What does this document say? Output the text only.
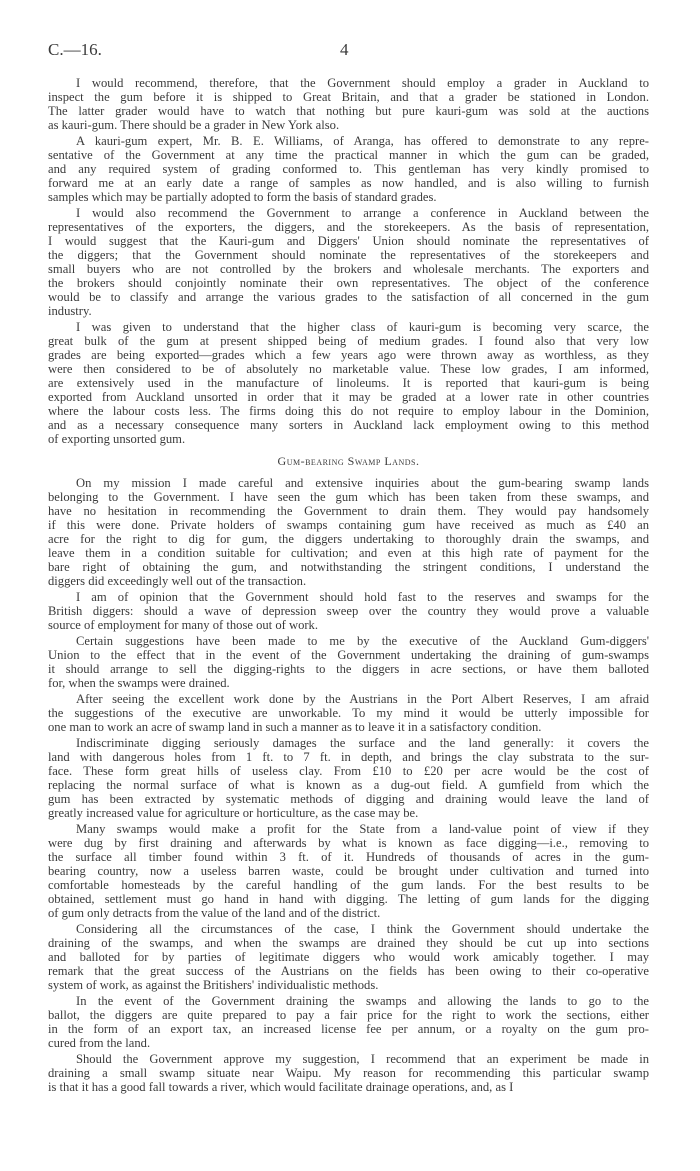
C.—16.	4
I would recommend, therefore, that the Government should employ a grader in Auckland to
inspect the gum before it is shipped to Great Britain, and that a grader be stationed in London.
The latter grader would have to watch that nothing but pure kauri-gum was sold at the auctions
as kauri-gum. There should be a grader in New York also.
A kauri-gum expert, Mr. B. E. Williams, of Aranga, has offered to demonstrate to any repre-
sentative of the Government at any time the practical manner in which the gum can be graded,
and any required system of grading conformed to. This gentleman has very kindly promised to
forward me at an early date a range of samples as now handled, and is also willing to furnish
samples which may be partially adopted to form the basis of standard grades.
I would also recommend the Government to arrange a conference in Auckland between the
representatives of the exporters, the diggers, and the storekeepers. As the basis of representation,
I would suggest that the Kauri-gum and Diggers' Union should nominate the representatives of
the diggers; that the Government should nominate the representatives of the storekeepers and
small buyers who are not controlled by the brokers and wholesale merchants. The exporters and
the brokers should conjointly nominate their own representatives. The object of the conference
would be to classify and arrange the various grades to the satisfaction of all concerned in the gum
industry.
I was given to understand that the higher class of kauri-gum is becoming very scarce, the
great bulk of the gum at present shipped being of medium grades. I found also that very low
grades are being exported—grades which a few years ago were thrown away as worthless, as they
were then considered to be of absolutely no marketable value. These low grades, I am informed,
are extensively used in the manufacture of linoleums. It is reported that kauri-gum is being
exported from Auckland unsorted in order that it may be graded at a lower rate in other countries
where the labour costs less. The firms doing this do not require to employ labour in the Dominion,
and as a necessary consequence many sorters in Auckland lack employment owing to this method
of exporting unsorted gum.
Gum-bearing Swamp Lands.
On my mission I made careful and extensive inquiries about the gum-bearing swamp lands
belonging to the Government. I have seen the gum which has been taken from these swamps, and
have no hesitation in recommending the Government to drain them. They would pay handsomely
if this were done. Private holders of swamps containing gum have received as much as £40 an
acre for the right to dig for gum, the diggers undertaking to thoroughly drain the swamps, and
leave them in a condition suitable for cultivation; and even at this high rate of payment for the
bare right of obtaining the gum, and notwithstanding the stringent conditions, I understand the
diggers did exceedingly well out of the transaction.
I am of opinion that the Government should hold fast to the reserves and swamps for the
British diggers: should a wave of depression sweep over the country they would prove a valuable
source of employment for many of those out of work.
Certain suggestions have been made to me by the executive of the Auckland Gum-diggers'
Union to the effect that in the event of the Government undertaking the draining of gum-swamps
it should arrange to sell the digging-rights to the diggers in acre sections, or have them balloted
for, when the swamps were drained.
After seeing the excellent work done by the Austrians in the Port Albert Reserves, I am afraid
the suggestions of the executive are unworkable. To my mind it would be utterly impossible for
one man to work an acre of swamp land in such a manner as to leave it in a satisfactory condition.
Indiscriminate digging seriously damages the surface and the land generally: it covers the
land with dangerous holes from 1 ft. to 7 ft. in depth, and brings the clay substrata to the sur-
face. These form great hills of useless clay. From £10 to £20 per acre would be the cost of
replacing the normal surface of what is known as a dug-out field. A gumfield from which the
gum has been extracted by systematic methods of digging and draining would leave the land of
greatly increased value for agriculture or horticulture, as the case may be.
Many swamps would make a profit for the State from a land-value point of view if they
were dug by first draining and afterwards by what is known as face digging—i.e., removing to
the surface all timber found within 3 ft. of it. Hundreds of thousands of acres in the gum-
bearing country, now a useless barren waste, could be brought under cultivation and turned into
comfortable homesteads by the careful handling of the gum lands. For the best results to be
obtained, settlement must go hand in hand with digging. The letting of gum lands for the digging
of gum only detracts from the value of the land and of the district.
Considering all the circumstances of the case, I think the Government should undertake the
draining of the swamps, and when the swamps are drained they should be cut up into sections
and balloted for by parties of legitimate diggers who would work amicably together. I may
remark that the great success of the Austrians on the fields has been owing to their co-operative
system of work, as against the Britishers' individualistic methods.
In the event of the Government draining the swamps and allowing the lands to go to the
ballot, the diggers are quite prepared to pay a fair price for the right to work the sections, either
in the form of an export tax, an increased license fee per annum, or a royalty on the gum pro-
cured from the land.
Should the Government approve my suggestion, I recommend that an experiment be made in
draining a small swamp situate near Waipu. My reason for recommending this particular swamp
is that it has a good fall towards a river, which would facilitate drainage operations, and, as I
